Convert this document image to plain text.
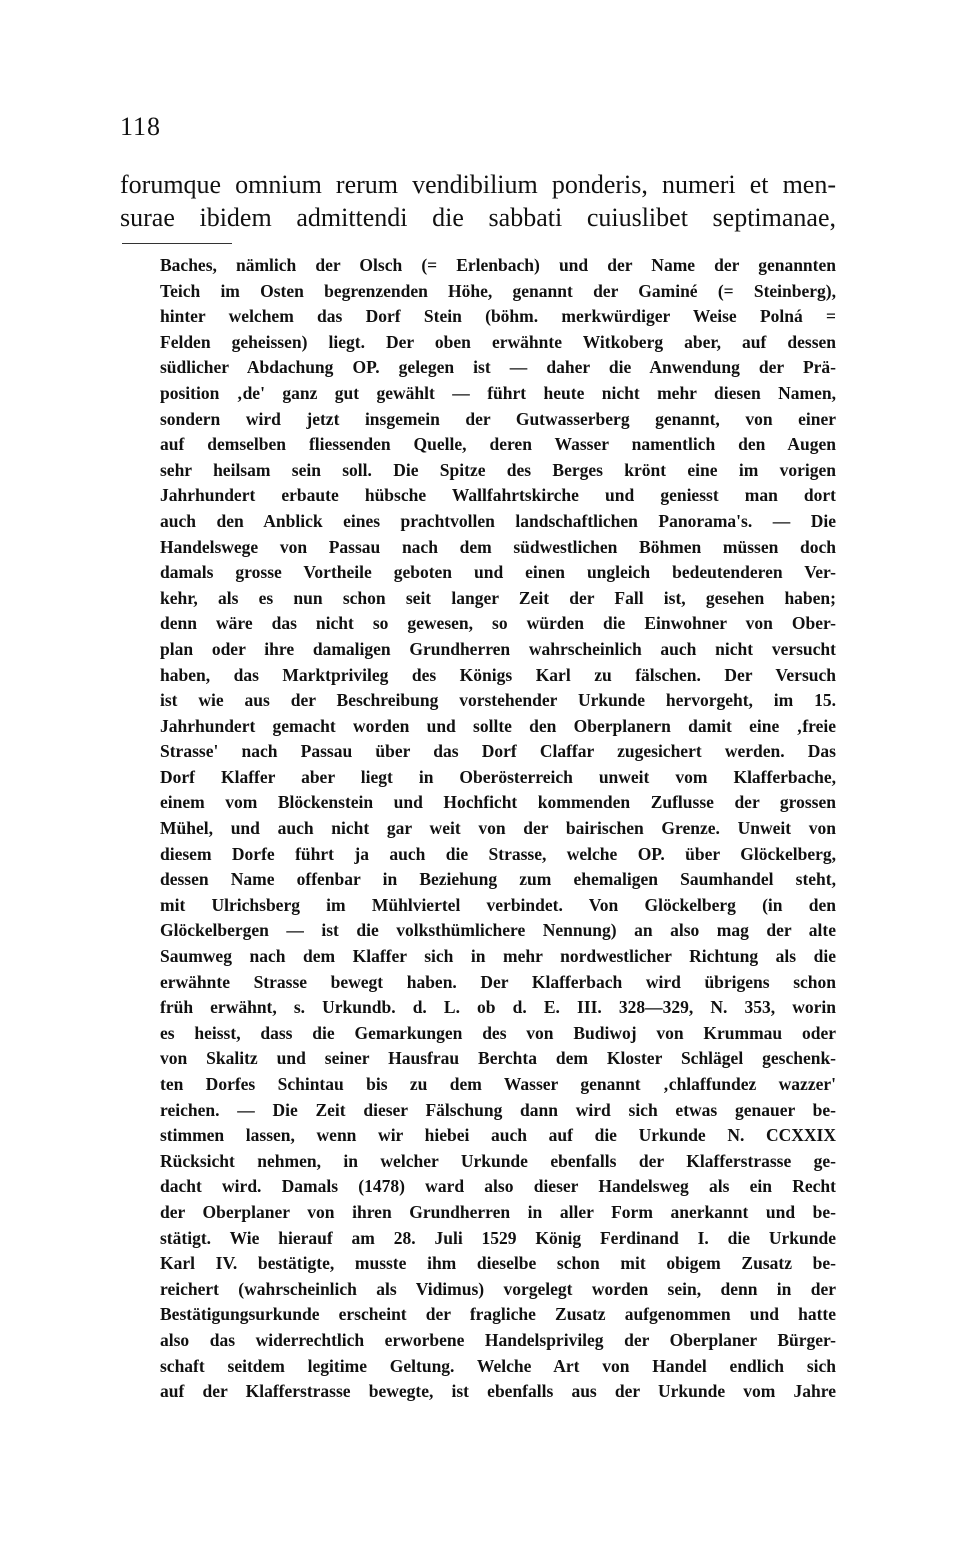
118
forumque omnium rerum vendibilium ponderis, numeri et men-
surae ibidem admittendi die sabbati cuiuslibet septimanae,
Baches, nämlich der Olsch (= Erlenbach) und der Name der genannten
Teich im Osten begrenzenden Höhe, genannt der Gaminé (= Steinberg),
hinter welchem das Dorf Stein (böhm. merkwürdiger Weise Polná =
Felden geheissen) liegt. Der oben erwähnte Witkoberg aber, auf dessen
südlicher Abdachung OP. gelegen ist — daher die Anwendung der Prä-
position ‚de' ganz gut gewählt — führt heute nicht mehr diesen Namen,
sondern wird jetzt insgemein der Gutwasserberg genannt, von einer
auf demselben fliessenden Quelle, deren Wasser namentlich den Augen
sehr heilsam sein soll. Die Spitze des Berges krönt eine im vorigen
Jahrhundert erbaute hübsche Wallfahrtskirche und geniesst man dort
auch den Anblick eines prachtvollen landschaftlichen Panorama's. — Die
Handelswege von Passau nach dem südwestlichen Böhmen müssen doch
damals grosse Vortheile geboten und einen ungleich bedeutenderen Ver-
kehr, als es nun schon seit langer Zeit der Fall ist, gesehen haben;
denn wäre das nicht so gewesen, so würden die Einwohner von Ober-
plan oder ihre damaligen Grundherren wahrscheinlich auch nicht versucht
haben, das Marktprivileg des Königs Karl zu fälschen. Der Versuch
ist wie aus der Beschreibung vorstehender Urkunde hervorgeht, im 15.
Jahrhundert gemacht worden und sollte den Oberplanern damit eine ‚freie
Strasse' nach Passau über das Dorf Claffar zugesichert werden. Das
Dorf Klaffer aber liegt in Oberösterreich unweit vom Klafferbache,
einem vom Blöckenstein und Hochficht kommenden Zuflusse der grossen
Mühel, und auch nicht gar weit von der bairischen Grenze. Unweit von
diesem Dorfe führt ja auch die Strasse, welche OP. über Glöckelberg,
dessen Name offenbar in Beziehung zum ehemaligen Saumhandel steht,
mit Ulrichsberg im Mühlviertel verbindet. Von Glöckelberg (in den
Glöckelbergen — ist die volksthümlichere Nennung) an also mag der alte
Saumweg nach dem Klaffer sich in mehr nordwestlicher Richtung als die
erwähnte Strasse bewegt haben. Der Klafferbach wird übrigens schon
früh erwähnt, s. Urkundb. d. L. ob d. E. III. 328—329, N. 353, worin
es heisst, dass die Gemarkungen des von Budiwoj von Krummau oder
von Skalitz und seiner Hausfrau Berchta dem Kloster Schlägel geschenk-
ten Dorfes Schintau bis zu dem Wasser genannt ‚chlaffundez wazzer'
reichen. — Die Zeit dieser Fälschung dann wird sich etwas genauer be-
stimmen lassen, wenn wir hiebei auch auf die Urkunde N. CCXXIX
Rücksicht nehmen, in welcher Urkunde ebenfalls der Klafferstrasse ge-
dacht wird. Damals (1478) ward also dieser Handelsweg als ein Recht
der Oberplaner von ihren Grundherren in aller Form anerkannt und be-
stätigt. Wie hierauf am 28. Juli 1529 König Ferdinand I. die Urkunde
Karl IV. bestätigte, musste ihm dieselbe schon mit obigem Zusatz be-
reichert (wahrscheinlich als Vidimus) vorgelegt worden sein, denn in der
Bestätigungsurkunde erscheint der fragliche Zusatz aufgenommen und hatte
also das widerrechtlich erworbene Handelsprivileg der Oberplaner Bürger-
schaft seitdem legitime Geltung. Welche Art von Handel endlich sich
auf der Klafferstrasse bewegte, ist ebenfalls aus der Urkunde vom Jahre
